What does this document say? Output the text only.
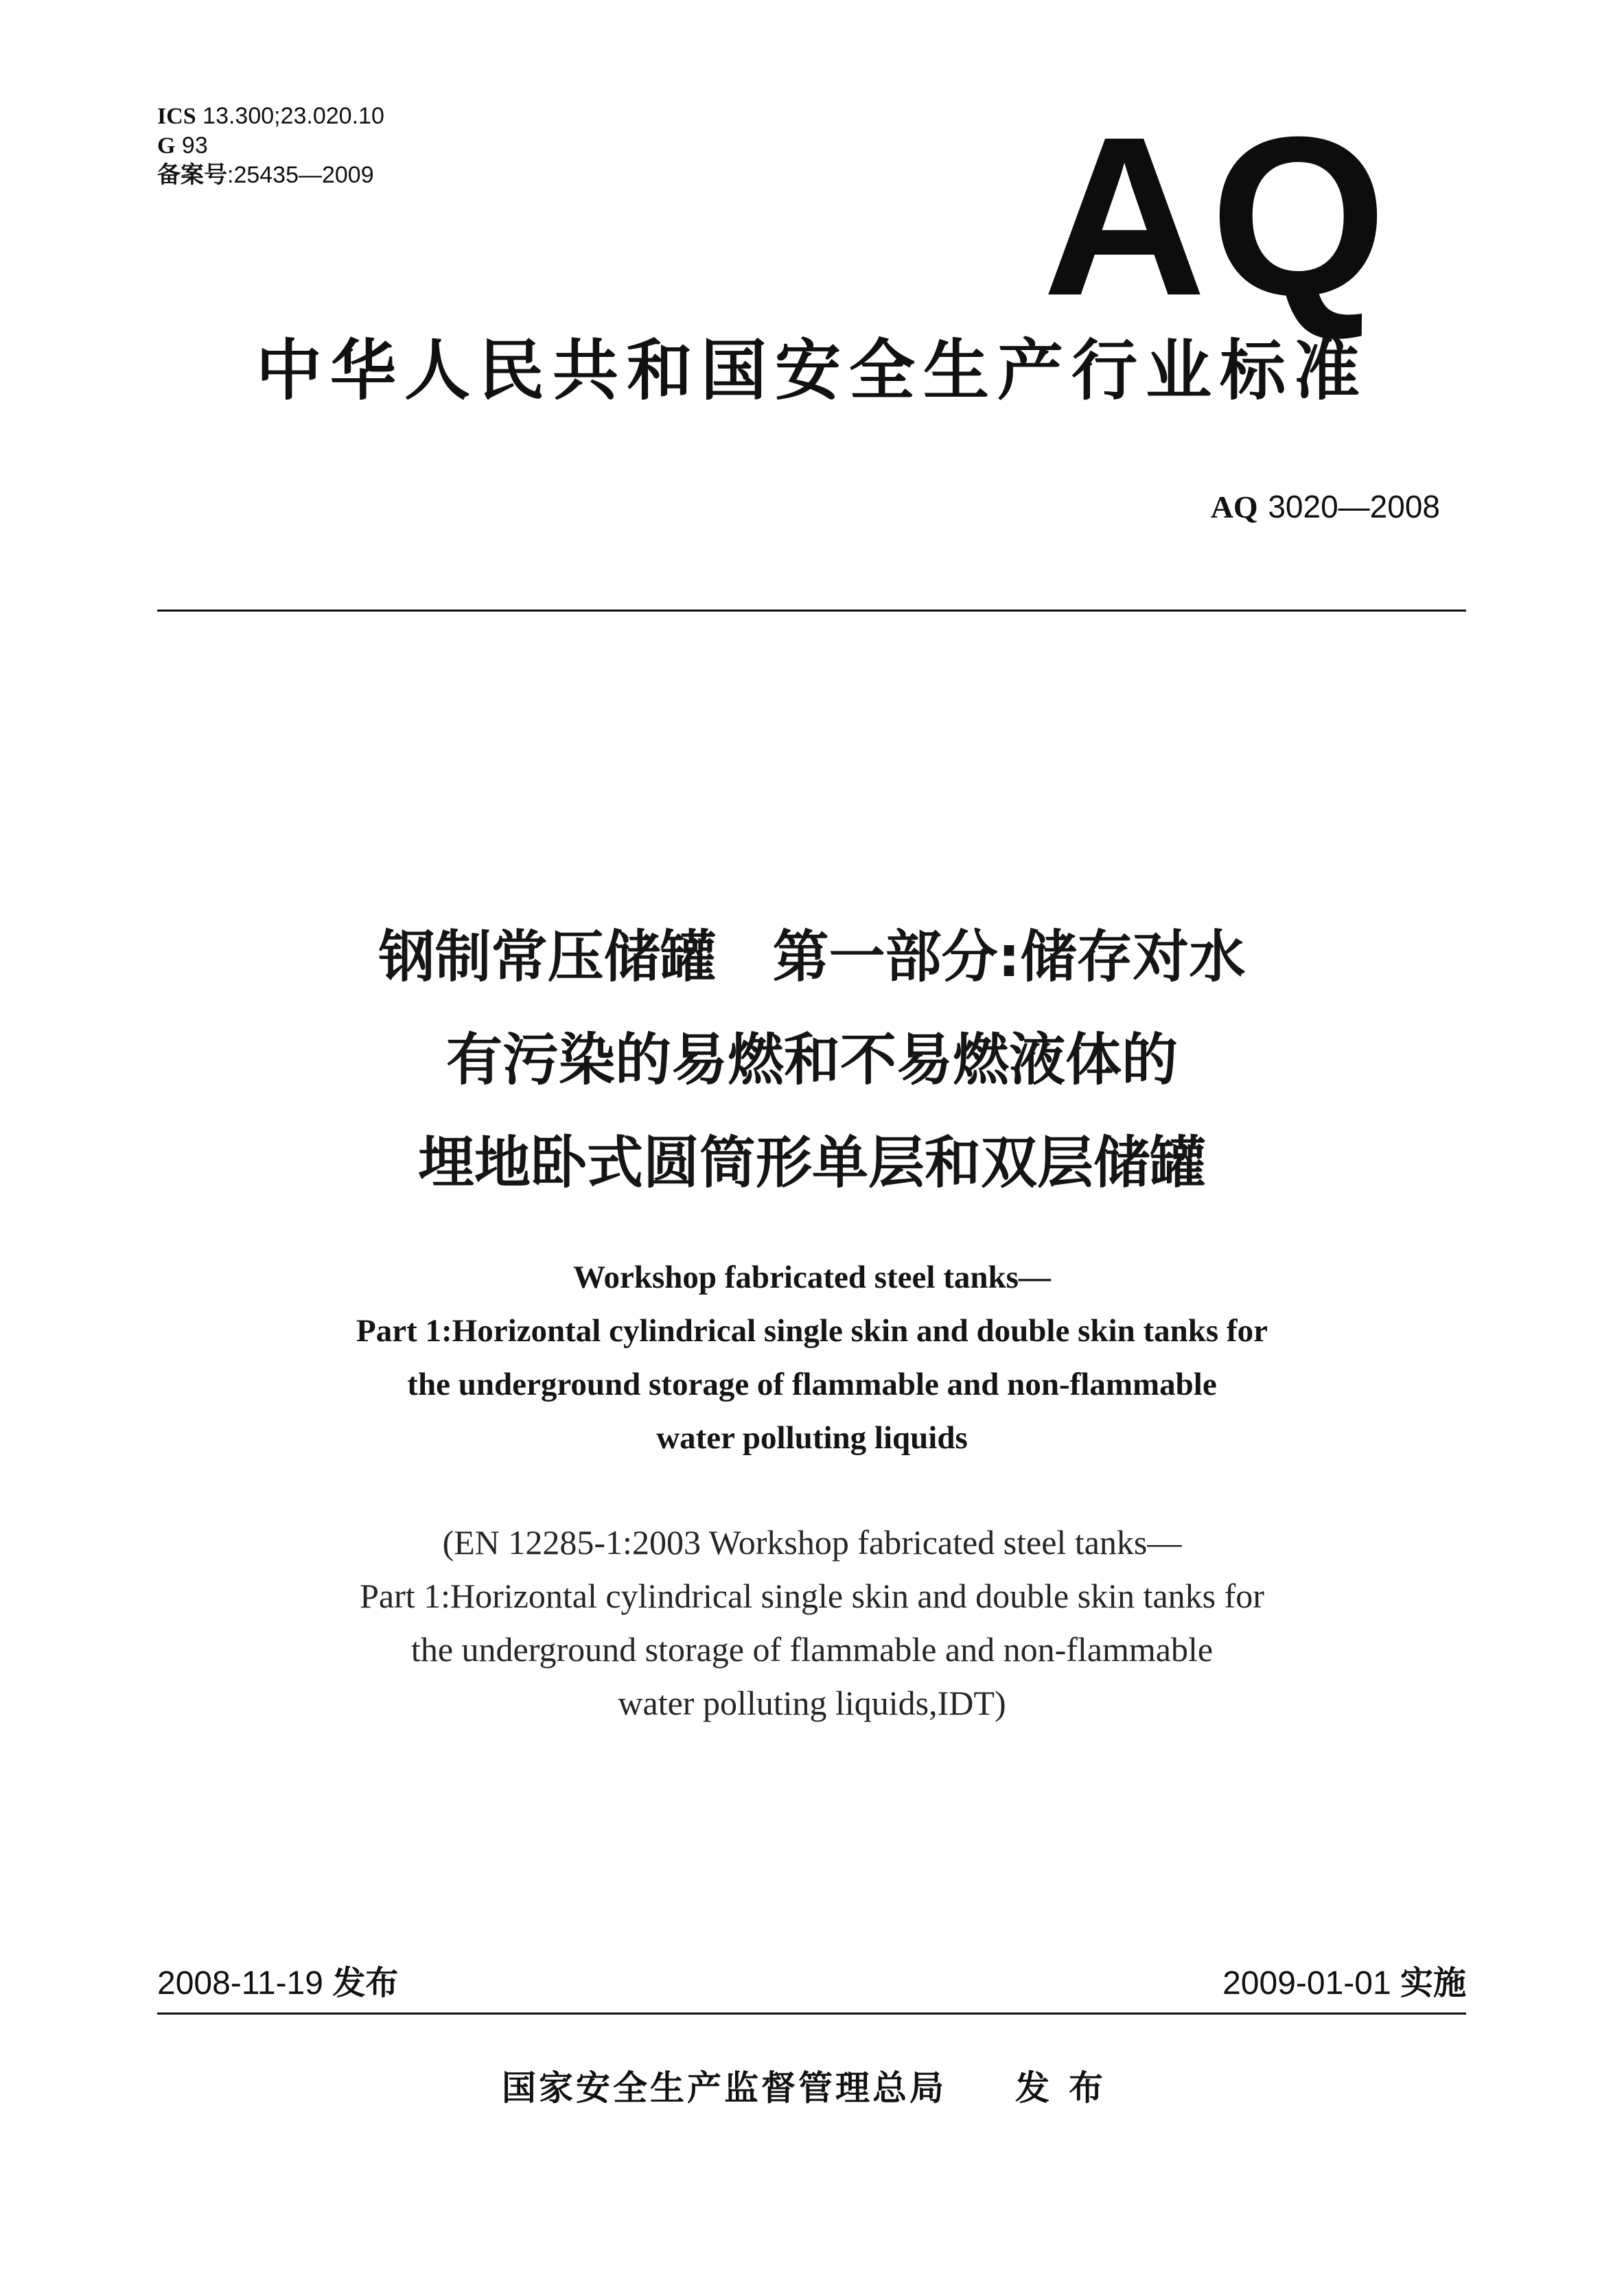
ICS 13.300;23.020.10
G 93
备案号:25435—2009	AQ
中华人民共和国安全生产行业标准
AQ 3020—2008
钢制常压储罐　第一部分:储存对水
有污染的易燃和不易燃液体的
埋地卧式圆筒形单层和双层储罐
Workshop fabricated steel tanks—
Part 1:Horizontal cylindrical single skin and double skin tanks for
the underground storage of flammable and non-flammable
water polluting liquids
(EN 12285-1:2003 Workshop fabricated steel tanks—
Part 1:Horizontal cylindrical single skin and double skin tanks for
the underground storage of flammable and non-flammable
water polluting liquids,IDT)
2008-11-19 发布	2009-01-01 实施
国家安全生产监督管理总局 发布
